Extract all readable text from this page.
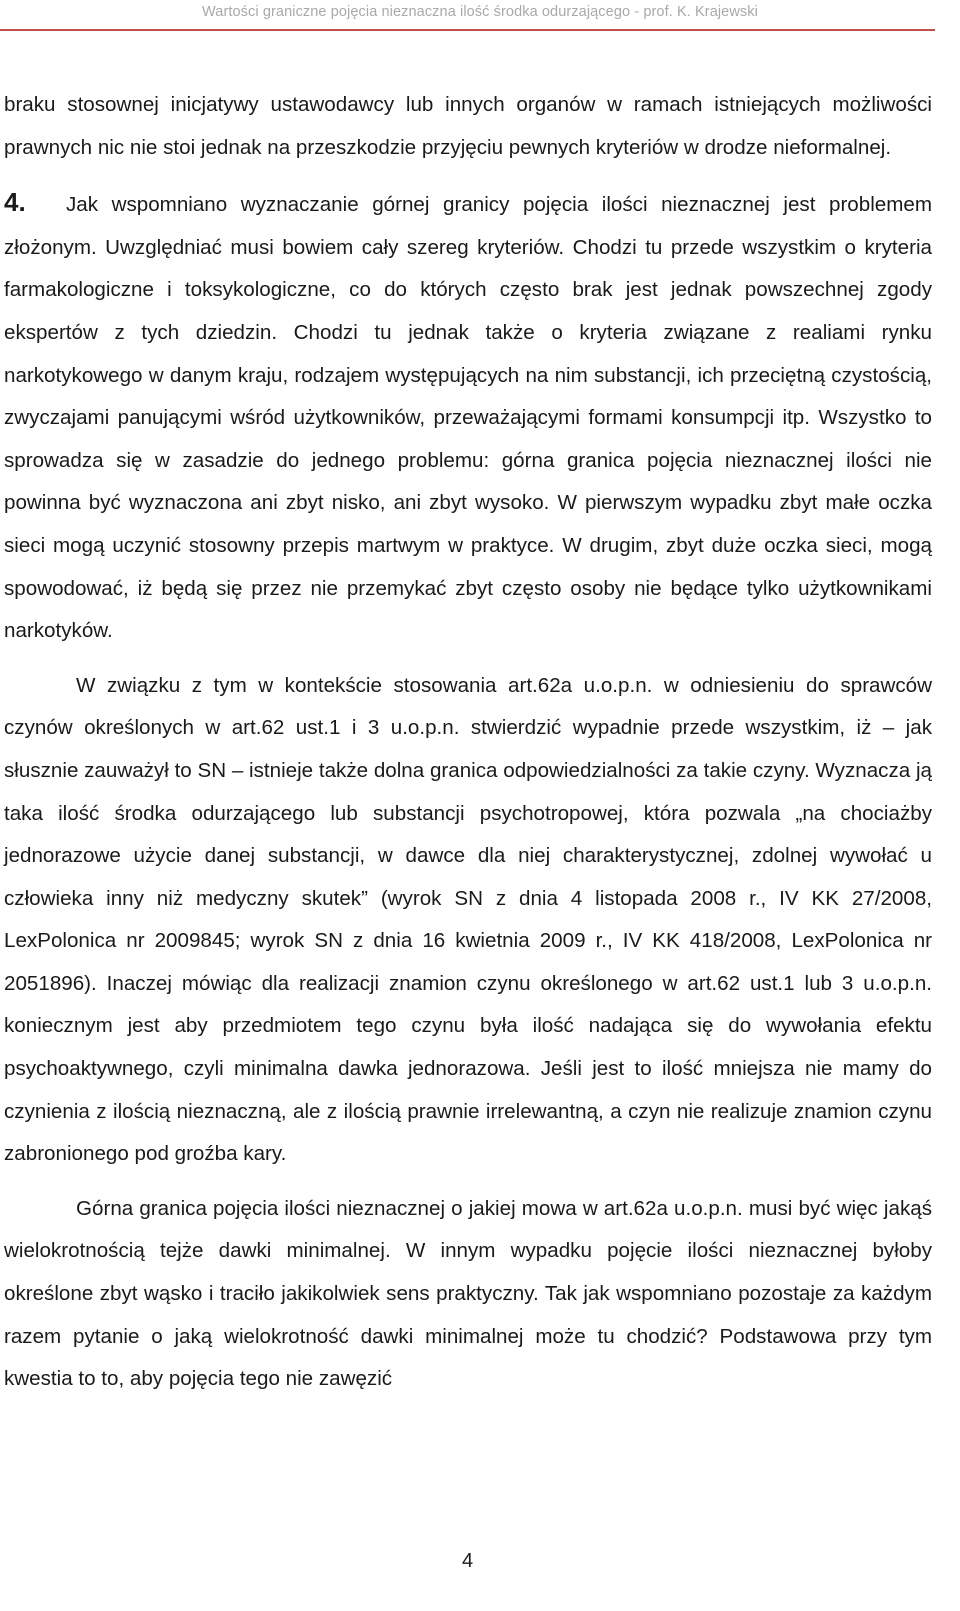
Wartości graniczne pojęcia nieznaczna ilość środka odurzającego - prof. K. Krajewski

braku stosownej inicjatywy ustawodawcy lub innych organów w ramach istniejących możliwości prawnych nic nie stoi jednak na przeszkodzie przyjęciu pewnych kryteriów w drodze nieformalnej.

4. Jak wspomniano wyznaczanie górnej granicy pojęcia ilości nieznacznej jest problemem złożonym. Uwzględniać musi bowiem cały szereg kryteriów. Chodzi tu przede wszystkim o kryteria farmakologiczne i toksykologiczne, co do których często brak jest jednak powszechnej zgody ekspertów z tych dziedzin. Chodzi tu jednak także o kryteria związane z realiami rynku narkotykowego w danym kraju, rodzajem występujących na nim substancji, ich przeciętną czystością, zwyczajami panującymi wśród użytkowników, przeważającymi formami konsumpcji itp. Wszystko to sprowadza się w zasadzie do jednego problemu: górna granica pojęcia nieznacznej ilości nie powinna być wyznaczona ani zbyt nisko, ani zbyt wysoko. W pierwszym wypadku zbyt małe oczka sieci mogą uczynić stosowny przepis martwym w praktyce. W drugim, zbyt duże oczka sieci, mogą spowodować, iż będą się przez nie przemykać zbyt często osoby nie będące tylko użytkownikami narkotyków.

W związku z tym w kontekście stosowania art.62a u.o.p.n. w odniesieniu do sprawców czynów określonych w art.62 ust.1 i 3 u.o.p.n. stwierdzić wypadnie przede wszystkim, iż – jak słusznie zauważył to SN – istnieje także dolna granica odpowiedzialności za takie czyny. Wyznacza ją taka ilość środka odurzającego lub substancji psychotropowej, która pozwala „na chociażby jednorazowe użycie danej substancji, w dawce dla niej charakterystycznej, zdolnej wywołać u człowieka inny niż medyczny skutek” (wyrok SN z dnia 4 listopada 2008 r., IV KK 27/2008, LexPolonica nr 2009845; wyrok SN z dnia 16 kwietnia 2009 r., IV KK 418/2008, LexPolonica nr 2051896). Inaczej mówiąc dla realizacji znamion czynu określonego w art.62 ust.1 lub 3 u.o.p.n. koniecznym jest aby przedmiotem tego czynu była ilość nadająca się do wywołania efektu psychoaktywnego, czyli minimalna dawka jednorazowa. Jeśli jest to ilość mniejsza nie mamy do czynienia z ilością nieznaczną, ale z ilością prawnie irrelewantną, a czyn nie realizuje znamion czynu zabronionego pod groźba kary.

Górna granica pojęcia ilości nieznacznej o jakiej mowa w art.62a u.o.p.n. musi być więc jakąś wielokrotnością tejże dawki minimalnej. W innym wypadku pojęcie ilości nieznacznej byłoby określone zbyt wąsko i traciło jakikolwiek sens praktyczny. Tak jak wspomniano pozostaje za każdym razem pytanie o jaką wielokrotność dawki minimalnej może tu chodzić? Podstawowa przy tym kwestia to to, aby pojęcia tego nie zawęzić

4
